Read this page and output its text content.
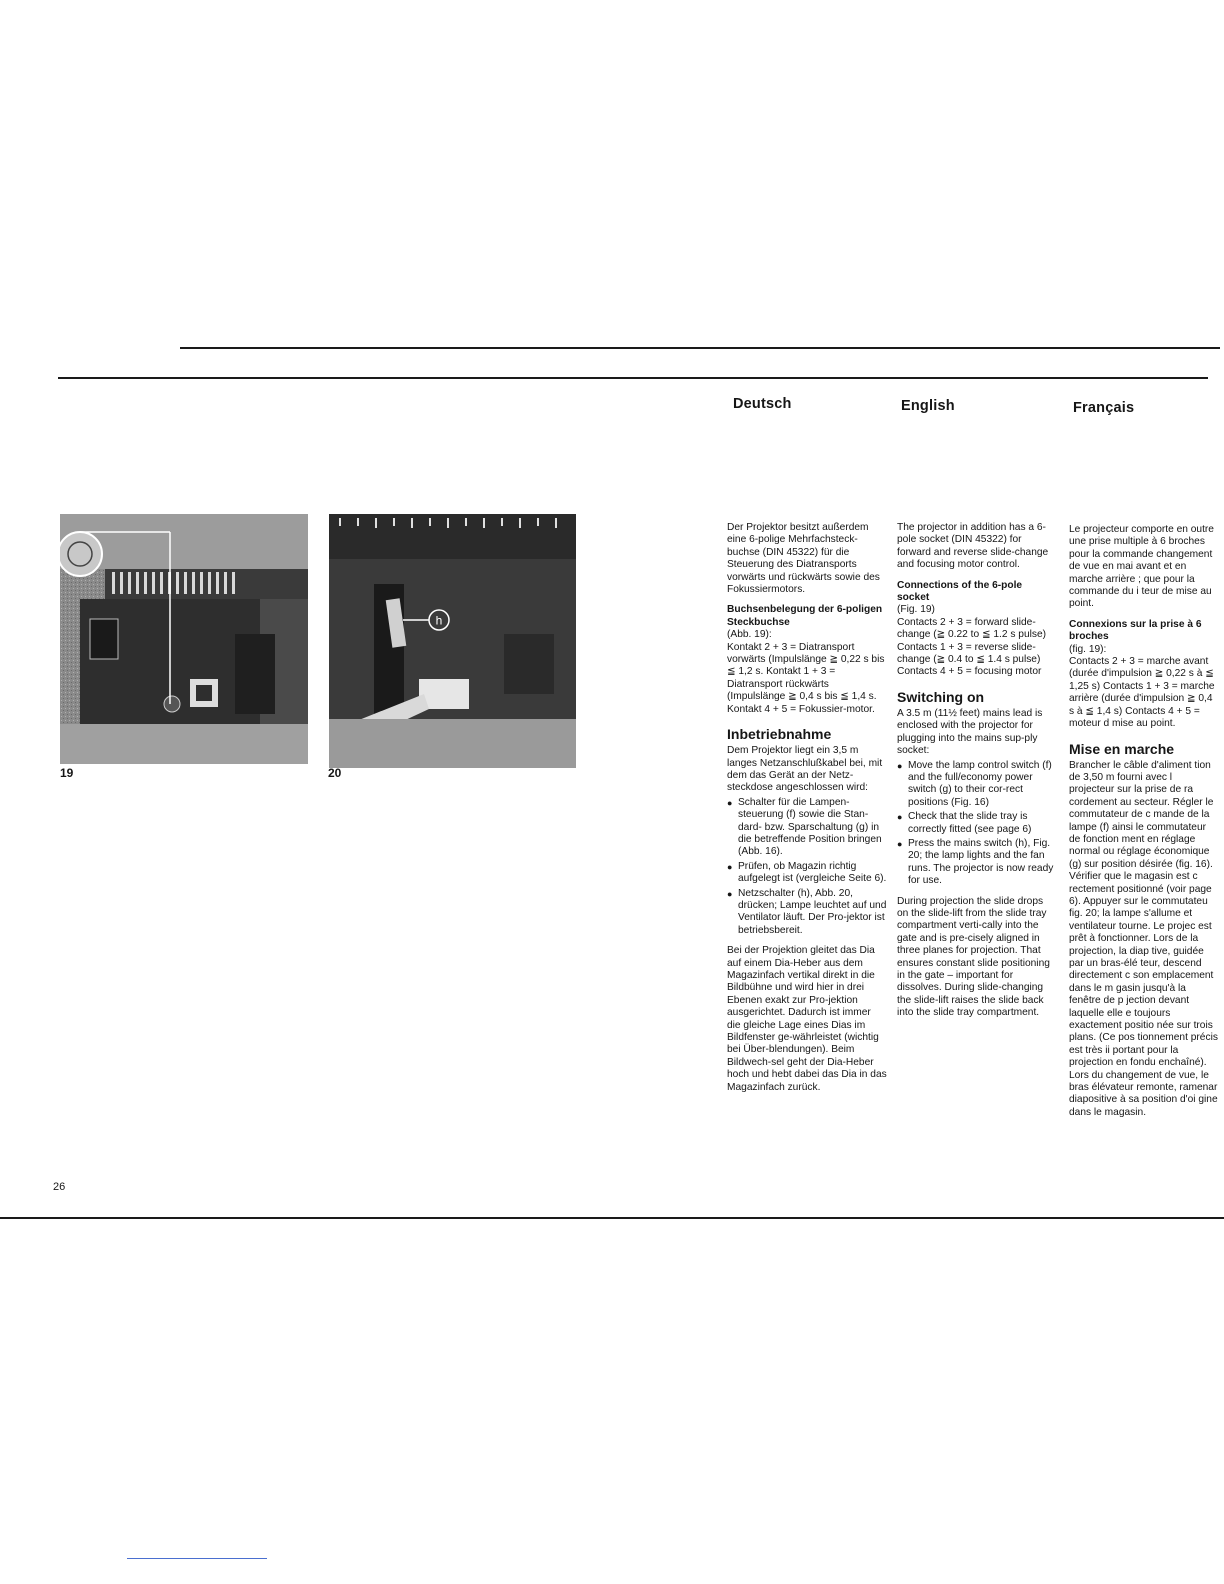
Deutsch	English	Français
19
h
20
26

Der Projektor besitzt außerdem eine 6-polige Mehrfachsteck-buchse (DIN 45322) für die Steuerung des Diatransports vorwärts und rückwärts sowie des Fokussiermotors.

Buchsenbelegung der 6-poligen Steckbuchse
(Abb. 19):

Kontakt 2 + 3 = Diatransport vorwärts (Impulslänge ≧ 0,22 s bis ≦ 1,2 s. Kontakt 1 + 3 = Diatransport rückwärts (Impulslänge ≧ 0,4 s bis ≦ 1,4 s. Kontakt 4 + 5 = Fokussier-motor.

Inbetriebnahme

Dem Projektor liegt ein 3,5 m langes Netzanschlußkabel bei, mit dem das Gerät an der Netz-steckdose angeschlossen wird:

● Schalter für die Lampen-steuerung (f) sowie die Stan-dard- bzw. Sparschaltung (g) in die betreffende Position bringen (Abb. 16).
● Prüfen, ob Magazin richtig aufgelegt ist (vergleiche Seite 6).
● Netzschalter (h), Abb. 20, drücken; Lampe leuchtet auf und Ventilator läuft. Der Pro-jektor ist betriebsbereit.

Bei der Projektion gleitet das Dia auf einem Dia-Heber aus dem Magazinfach vertikal direkt in die Bildbühne und wird hier in drei Ebenen exakt zur Pro-jektion ausgerichtet. Dadurch ist immer die gleiche Lage eines Dias im Bildfenster ge-währleistet (wichtig bei Über-blendungen). Beim Bildwech-sel geht der Dia-Heber hoch und hebt dabei das Dia in das Magazinfach zurück.

The projector in addition has a 6-pole socket (DIN 45322) for forward and reverse slide-change and focusing motor control.

Connections of the 6-pole socket
(Fig. 19)

Contacts 2 + 3 = forward slide-change (≧ 0.22 to ≦ 1.2 s pulse) Contacts 1 + 3 = reverse slide-change (≧ 0.4 to ≦ 1.4 s pulse) Contacts 4 + 5 = focusing motor

Switching on

A 3.5 m (11½ feet) mains lead is enclosed with the projector for plugging into the mains sup-ply socket:

● Move the lamp control switch (f) and the full/economy power switch (g) to their cor-rect positions (Fig. 16)
● Check that the slide tray is correctly fitted (see page 6)
● Press the mains switch (h), Fig. 20; the lamp lights and the fan runs. The projector is now ready for use.

During projection the slide drops on the slide-lift from the slide tray compartment verti-cally into the gate and is pre-cisely aligned in three planes for projection. That ensures constant slide positioning in the gate – important for dissolves. During slide-changing the slide-lift raises the slide back into the slide tray compartment.

Le projecteur comporte en outre une prise multiple à 6 broches pour la commande changement de vue en mai avant et en marche arrière ; que pour la commande du i teur de mise au point.

Connexions sur la prise à 6 broches
(fig. 19):

Contacts 2 + 3 = marche avant (durée d'impulsion ≧ 0,22 s à ≦ 1,25 s) Contacts 1 + 3 = marche arrière (durée d'impulsion ≧ 0,4 s à ≦ 1,4 s) Contacts 4 + 5 = moteur d mise au point.

Mise en marche

Brancher le câble d'aliment tion de 3,50 m fourni avec l projecteur sur la prise de ra cordement au secteur. Régler le commutateur de c mande de la lampe (f) ainsi le commutateur de fonction ment en réglage normal ou réglage économique (g) sur position désirée (fig. 16). Vérifier que le magasin est c rectement positionné (voir page 6). Appuyer sur le commutateu fig. 20; la lampe s'allume et ventilateur tourne. Le projec est prêt à fonctionner. Lors de la projection, la diap tive, guidée par un bras-élé teur, descend directement c son emplacement dans le m gasin jusqu'à la fenêtre de p jection devant laquelle elle e toujours exactement positio née sur trois plans. (Ce pos tionnement précis est très ii portant pour la projection en fondu enchaîné). Lors du changement de vue, le bras élévateur remonte, ramenar diapositive à sa position d'oi gine dans le magasin.
